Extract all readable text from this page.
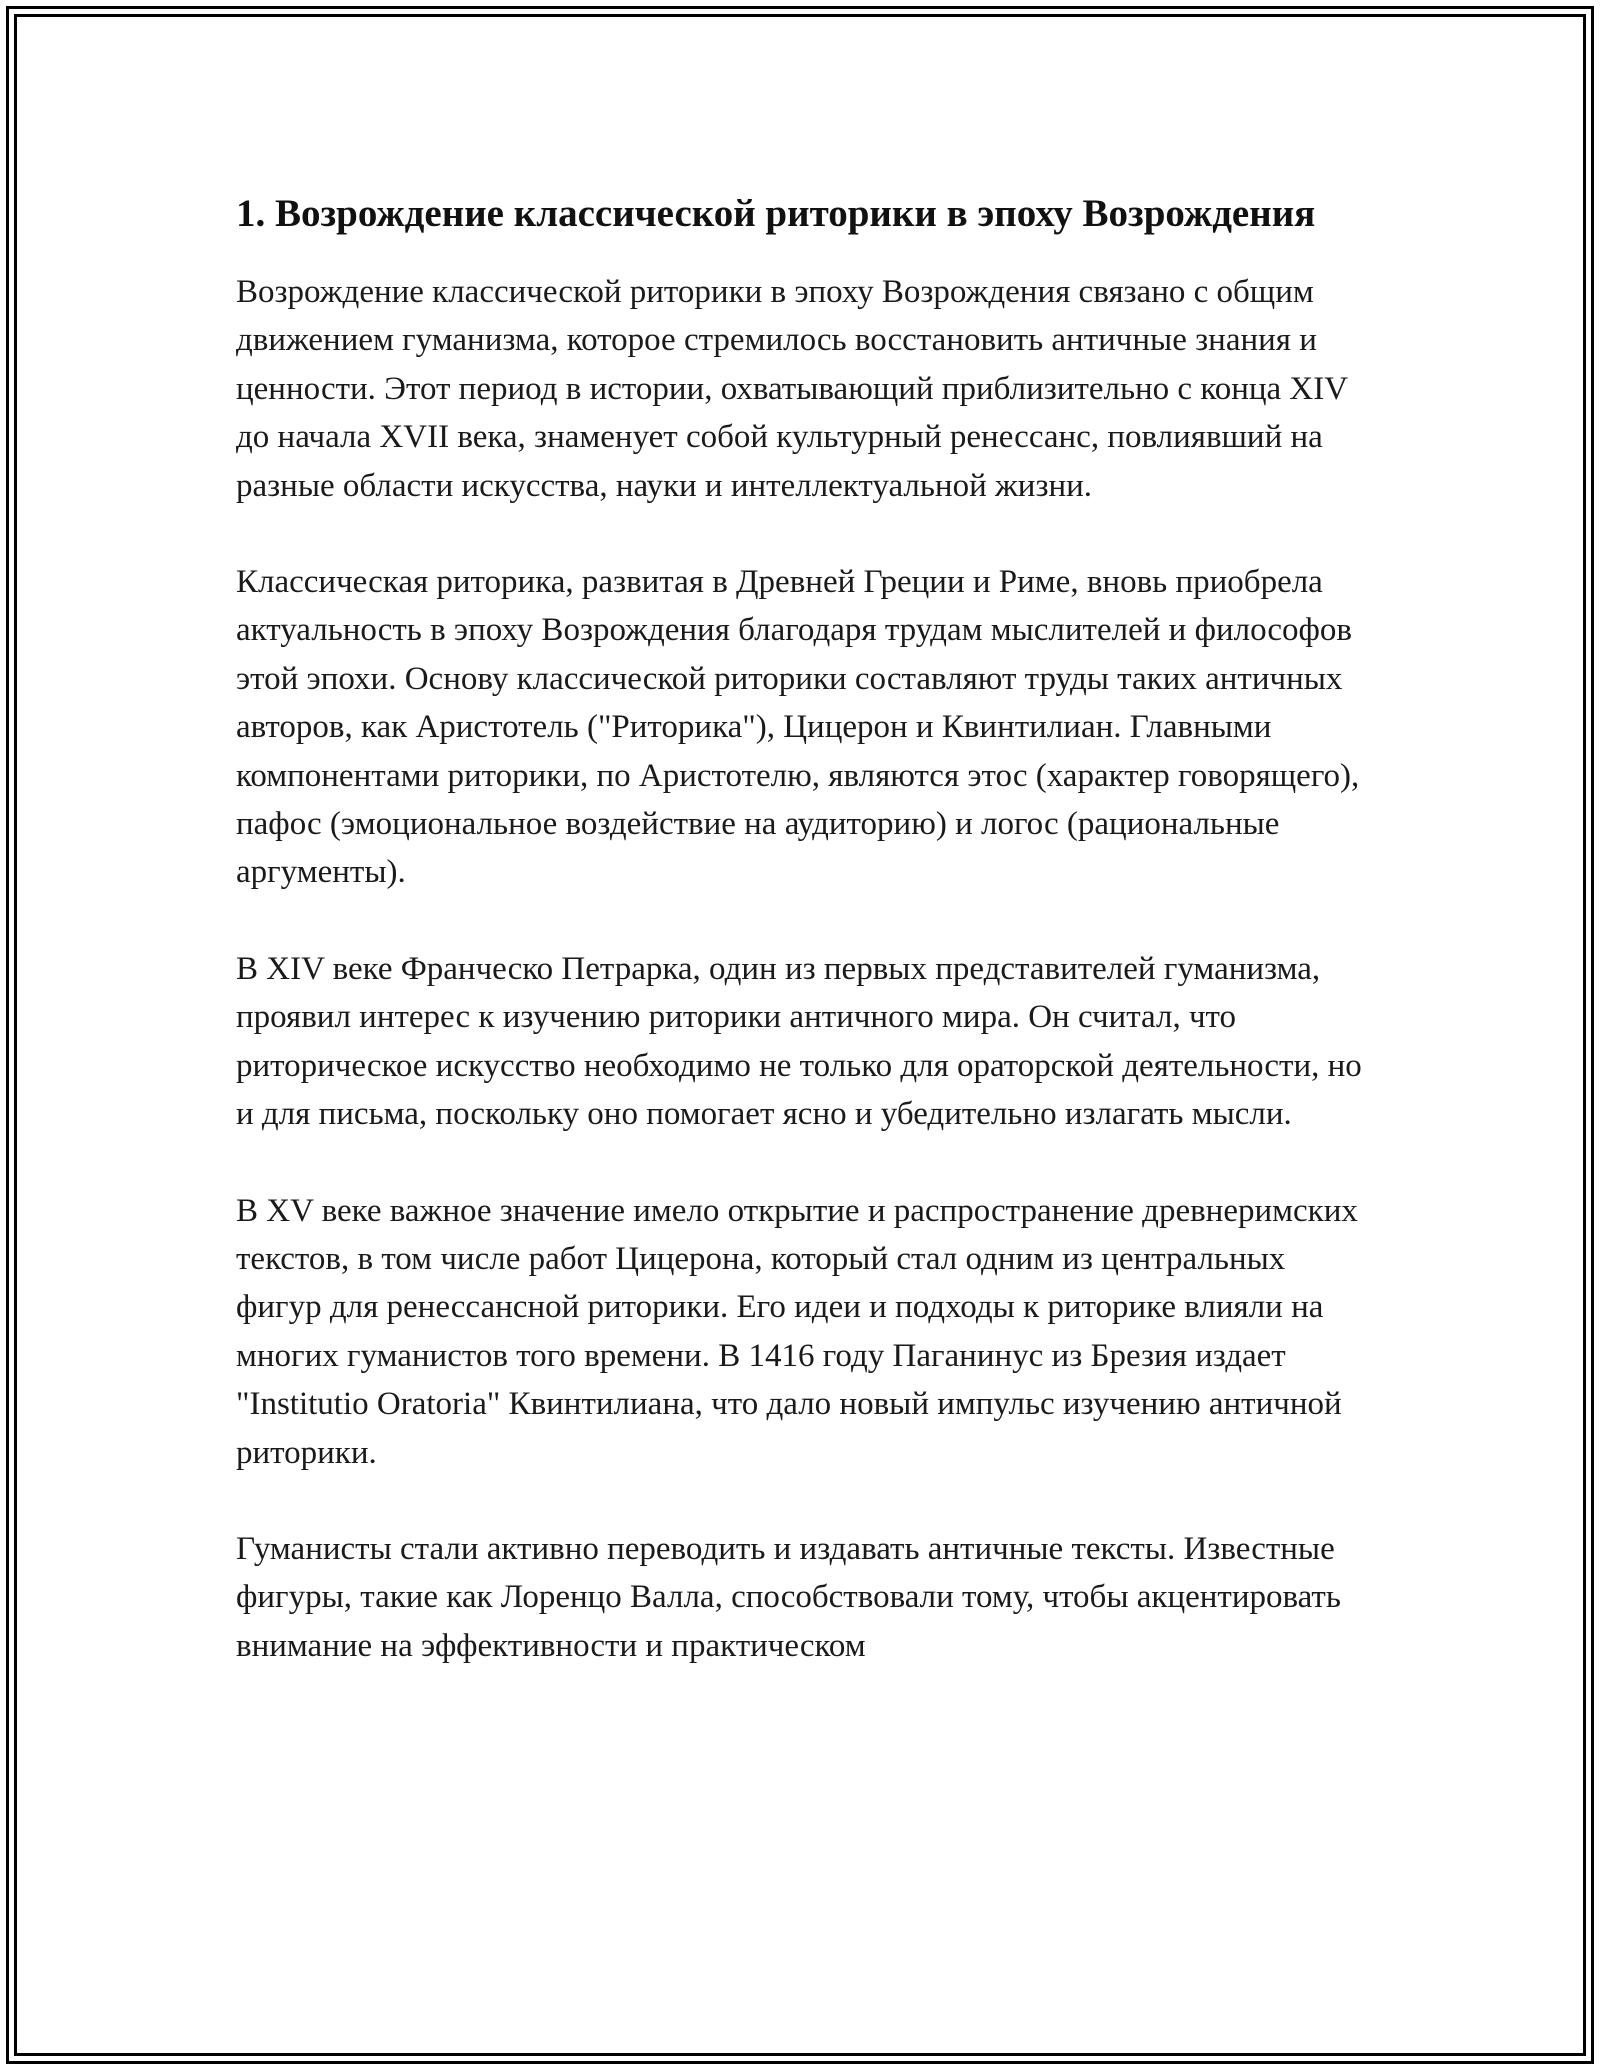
1. Возрождение классической риторики в эпоху Возрождения

Возрождение классической риторики в эпоху Возрождения связано с общим движением гуманизма, которое стремилось восстановить античные знания и ценности. Этот период в истории, охватывающий приблизительно с конца XIV до начала XVII века, знаменует собой культурный ренессанс, повлиявший на разные области искусства, науки и интеллектуальной жизни.

Классическая риторика, развитая в Древней Греции и Риме, вновь приобрела актуальность в эпоху Возрождения благодаря трудам мыслителей и философов этой эпохи. Основу классической риторики составляют труды таких античных авторов, как Аристотель ("Риторика"), Цицерон и Квинтилиан. Главными компонентами риторики, по Аристотелю, являются этос (характер говорящего), пафос (эмоциональное воздействие на аудиторию) и логос (рациональные аргументы).

В XIV веке Франческо Петрарка, один из первых представителей гуманизма, проявил интерес к изучению риторики античного мира. Он считал, что риторическое искусство необходимо не только для ораторской деятельности, но и для письма, поскольку оно помогает ясно и убедительно излагать мысли.

В XV веке важное значение имело открытие и распространение древнеримских текстов, в том числе работ Цицерона, который стал одним из центральных фигур для ренессансной риторики. Его идеи и подходы к риторике влияли на многих гуманистов того времени. В 1416 году Паганинус из Брезия издает "Institutio Oratoria" Квинтилиана, что дало новый импульс изучению античной риторики.

Гуманисты стали активно переводить и издавать античные тексты. Известные фигуры, такие как Лоренцо Валла, способствовали тому, чтобы акцентировать внимание на эффективности и практическом
